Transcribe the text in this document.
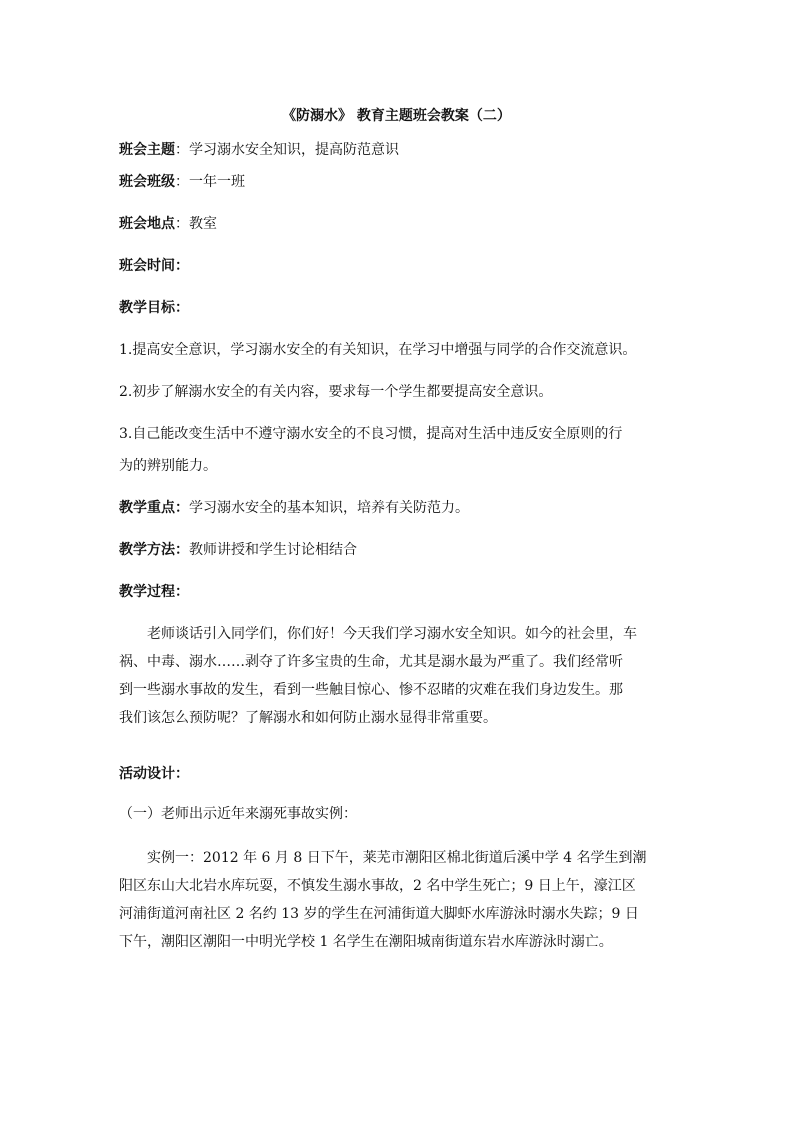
《防溺水》 教育主题班会教案（二）
班会主题：学习溺水安全知识，提高防范意识
班会班级：一年一班
班会地点：教室
班会时间：
教学目标：
1.提高安全意识，学习溺水安全的有关知识，在学习中增强与同学的合作交流意识。
2.初步了解溺水安全的有关内容，要求每一个学生都要提高安全意识。
3.自己能改变生活中不遵守溺水安全的不良习惯，提高对生活中违反安全原则的行
为的辨别能力。
教学重点：学习溺水安全的基本知识，培养有关防范力。
教学方法：教师讲授和学生讨论相结合
教学过程：
老师谈话引入同学们，你们好！今天我们学习溺水安全知识。如今的社会里，车
祸、中毒、溺水……剥夺了许多宝贵的生命，尤其是溺水最为严重了。我们经常听
到一些溺水事故的发生，看到一些触目惊心、惨不忍睹的灾难在我们身边发生。那
我们该怎么预防呢？了解溺水和如何防止溺水显得非常重要。
活动设计：
（一）老师出示近年来溺死事故实例：
实例一：2012 年 6 月 8 日下午，莱芜市潮阳区棉北街道后溪中学 4 名学生到潮
阳区东山大北岩水库玩耍，不慎发生溺水事故，2 名中学生死亡；9 日上午，濠江区
河浦街道河南社区 2 名约 13 岁的学生在河浦街道大脚虾水库游泳时溺水失踪；9 日
下午，潮阳区潮阳一中明光学校 1 名学生在潮阳城南街道东岩水库游泳时溺亡。
